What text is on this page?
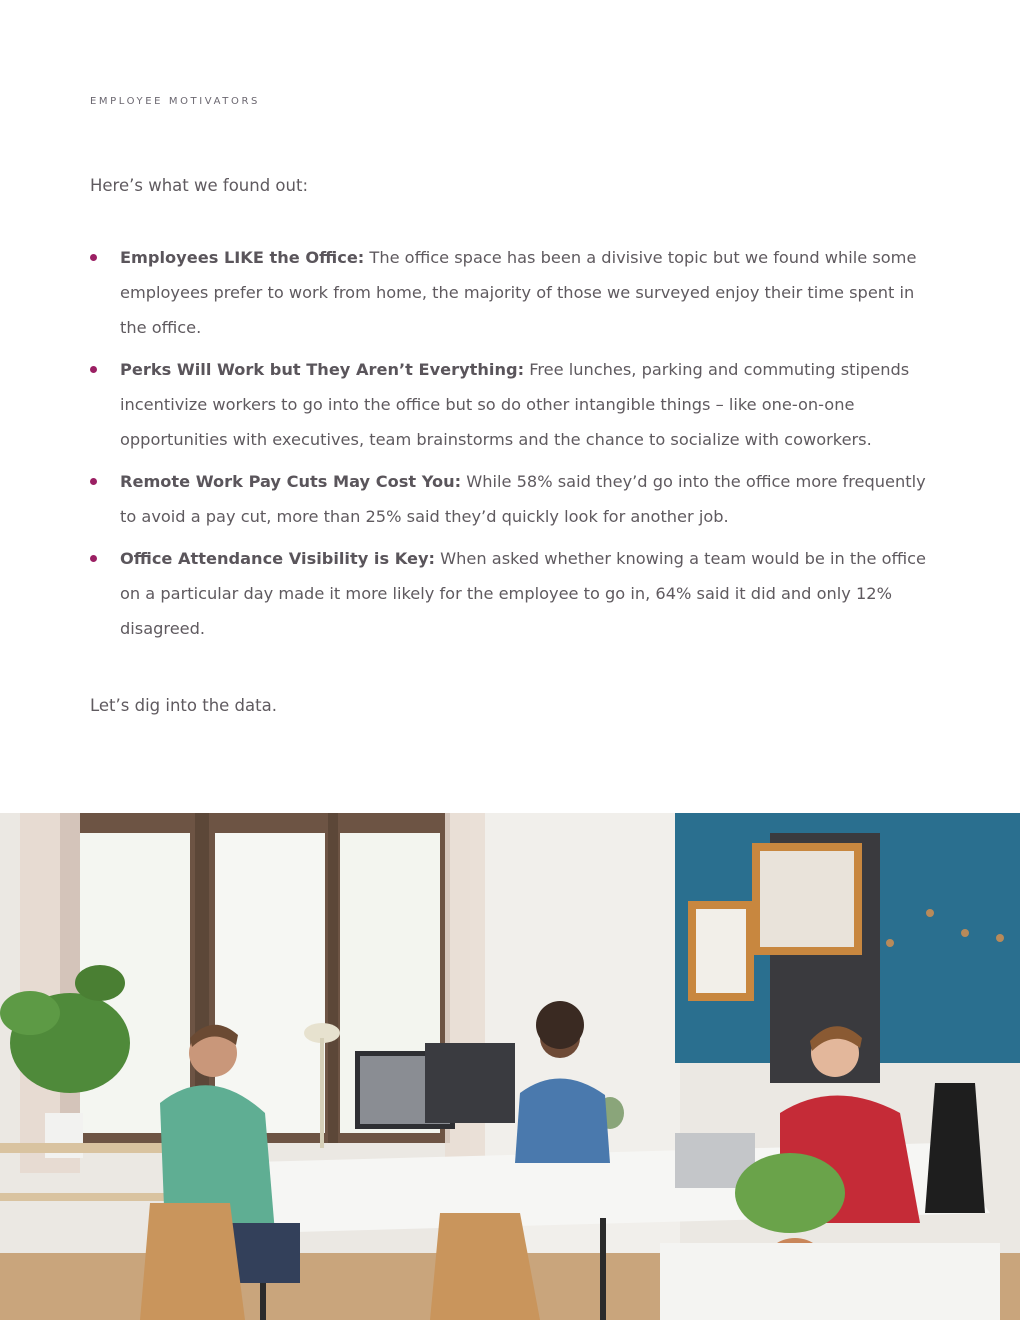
EMPLOYEE MOTIVATORS
Here’s what we found out:
Employees LIKE the Office: The office space has been a divisive topic but we found while some employees prefer to work from home, the majority of those we surveyed enjoy their time spent in the office.
Perks Will Work but They Aren’t Everything: Free lunches, parking and commuting stipends incentivize workers to go into the office but so do other intangible things – like one-on-one opportunities with executives, team brainstorms and the chance to socialize with coworkers.
Remote Work Pay Cuts May Cost You: While 58% said they’d go into the office more frequently to avoid a pay cut, more than 25% said they’d quickly look for another job.
Office Attendance Visibility is Key: When asked whether knowing a team would be in the office on a particular day made it more likely for the employee to go in, 64% said it did and only 12% disagreed.
Let’s dig into the data.
